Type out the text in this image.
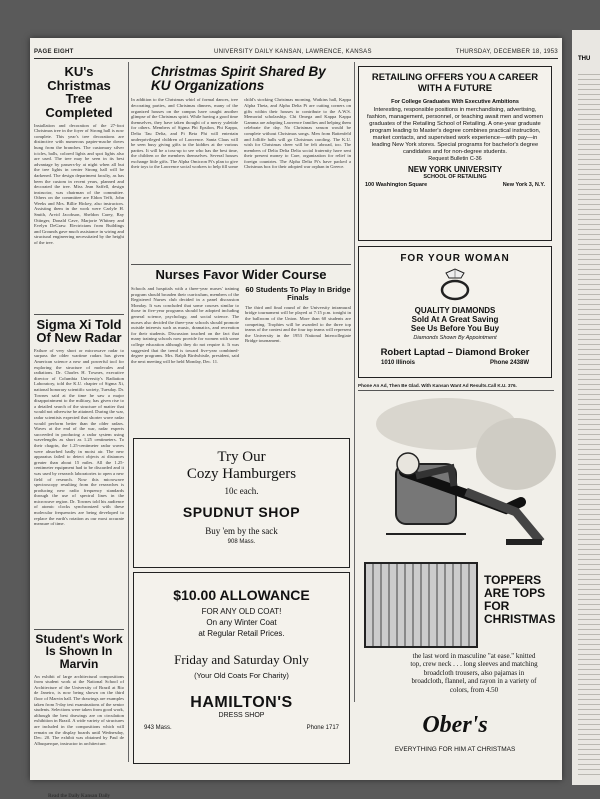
THU
PAGE EIGHT	UNIVERSITY DAILY KANSAN, LAWRENCE, KANSAS	THURSDAY, DECEMBER 18, 1953
KU's Christmas Tree Completed
Installation and decoration of the 27-foot Christmas tree in the foyer of Strong hall is now complete. This year's tree decorations are distinctive with numerous papier-mache doves hung from the branches. The customary silver icicles, balls, colored lights and spot lights also are used. The tree may be seen in its best advantage by passers-by at night when all but the tree lights in center Strong hall will be darkened. The design department faculty, as has been the custom in recent years, planned and decorated the tree. Miss Jean Saffell, design instructor, was chairman of the committee. Others on the committee are Eldon Tefft, John Weeks and Mrs. Billie Hickey, also instructors. Assisting them in the work were Carlyle H. Smith, Arvid Jacobson, Sheldon Carey, Ray Ottinger, Donald Cave, Marjorie Whitney and Evelyn DeGraw. Electricians from Buildings and Grounds gave much assistance in wiring and structural engineering necessitated by the height of the tree.
Sigma Xi Told Of New Radar
Failure of very short or microwave radar to surpass the older wartime radars has given American science a new and powerful tool for exploring the structure of molecules and radiations. Dr. Charles H. Townes, executive director of Columbia University's Radiation Laboratory, told the K.U. chapter of Sigma Xi, national honorary scientific society, Tuesday. Dr. Townes said at the time he saw a major disappointment to the military, has given rise to a detailed search of the structure of matter that would not otherwise be attained. During the war, radar scientists expected that shorter wave radar would perform better than the older radars. Waves at the end of the war, radar experts succeeded in producing a radar system using wavelengths as short as 1.25 centimeters. To their chagrin, the 1.25-centimeter radar waves were absorbed badly in moist air. The new apparatus failed to detect objects at distances greater than about 15 miles. All the 1.25-centimeter equipment had to be discarded and it was used by research laboratories to open a new field of research. Now this microwave spectroscopy resulting from the researches is producing new radio frequency standards through the use of spectral lines in the microwave region. Dr. Townes told his audience of atomic clocks synchronized with these molecular frequencies are being developed to replace the earth's rotation as our most accurate measure of time.
Student's Work Is Shown In Marvin
An exhibit of large architectural compositions from student work at the National School of Architecture of the University of Brazil at Rio de Janeiro, is now being shown on the third floor of Marvin hall. The drawings are examples taken from 5-day test examinations of the senior students. Selections were taken from good work, although the best drawings are on circulation exhibition in Brazil. A wide variety of structures are included in the compositions which will remain on the display boards until Wednesday, Dec. 20. The exhibit was obtained by Paul de Albuquerque, instructor in architecture.
Read the Daily Kansan Daily
Christmas Spirit Shared By KU Organizations
In addition to the Christmas whirl of formal dances, tree decorating parties, and Christmas dinners, many of the organized houses on the campus have caught another glimpse of the Christmas spirit. While having a good time themselves, they have taken thought of a merry yuletide for others. Members of Sigma Phi Epsilon, Phi Kappa, Delta Tau Delta, and Pi Beta Phi will entertain underprivileged children of Lawrence. Santa Claus will be seen busy giving gifts to the kiddies at the various parties. It will be a toss-up to see who has the best time, the children or the members themselves. Several houses exchange little gifts. The Alpha Omicron Pi's plan to give their toys to the Lawrence social workers to help fill some child's stocking Christmas morning. Watkins hall, Kappa Alpha Theta, and Alpha Delta Pi are cutting corners on gifts within their houses to contribute to the A.W.S. Memorial scholarship. Chi Omega and Kappa Kappa Gamma are adopting Lawrence families and helping them celebrate the day. No Christmas season would be complete without Christmas songs. Men from Battenfeld and Jolliffe halls will go Christmas caroling. The K.U. wish for Christmas cheer will be felt abroad, too. The members of Delta Delta Delta social fraternity have sent their present money to Care, organization for relief in foreign countries. The Alpha Delta Pi's have packed a Christmas box for their adopted war orphan in Greece.
Nurses Favor Wider Course
Schools and hospitals with a three-year nurses' training program should broaden their curriculum, members of the Registered Nurses club decided in a panel discussion Monday. It was concluded that some courses similar to those in five-year programs should be adopted including general science, psychology, and social science. The nurses also decided the three-year schools should promote outside interests such as music, dramatics, and recreation for their students. Discussion touched on the fact that many training schools now provide for women with some college education although they do not require it. It was suggested that the trend is toward five-year combined-degree programs. Mrs. Ralph Birdwhistle, president, said the next meeting will be held Monday, Dec. 11.
60 Students To Play In Bridge Finals
The third and final round of the University intramural bridge tournament will be played at 7:15 p.m. tonight in the ballroom of the Union. More than 60 students are competing. Trophies will be awarded to the three top teams of the contest and the four top teams will represent the University in the 1953 National Intercollegiate Bridge tournament.
Try Our
Cozy Hamburgers
10c each.
SPUDNUT SHOP
Buy 'em by the sack
908 Mass.
$10.00 ALLOWANCE
FOR ANY OLD COAT!
On any Winter Coat
at Regular Retail Prices.
Friday and Saturday Only
(Your Old Coats For Charity)
HAMILTON'S
DRESS SHOP
943 Mass.	Phone 1717
RETAILING OFFERS YOU A CAREER WITH A FUTURE
For College Graduates With Executive Ambitions
Interesting, responsible positions in merchandising, advertising, fashion, management, personnel, or teaching await men and women graduates of the Retailing School of Retailing. A one-year graduate program leading to Master's degree combines practical instruction, market contacts, and supervised work experience—with pay—in leading New York stores. Special programs for bachelor's degree candidates and for non-degree students.
Request Bulletin C-36
NEW YORK UNIVERSITY
SCHOOL OF RETAILING
100 Washington Square	New York 3, N.Y.
FOR YOUR WOMAN
QUALITY DIAMONDS
Sold At A Great Saving
See Us Before You Buy
Diamonds Shown By Appointment
Robert Laptad – Diamond Broker
1010 Illinois	Phone 2438W
Phone An Ad, Then Be Glad. With Kansan Want Ad Results.Call K.U. 376.
TOPPERS ARE TOPS FOR CHRISTMAS
the last word in masculine "at ease." knitted top, crew neck . . . long sleeves and matching broadcloth trousers, also pajamas in broadcloth, flannel, and rayon in a variety of colors, from 4.50
Ober's
EVERYTHING FOR HIM AT CHRISTMAS
